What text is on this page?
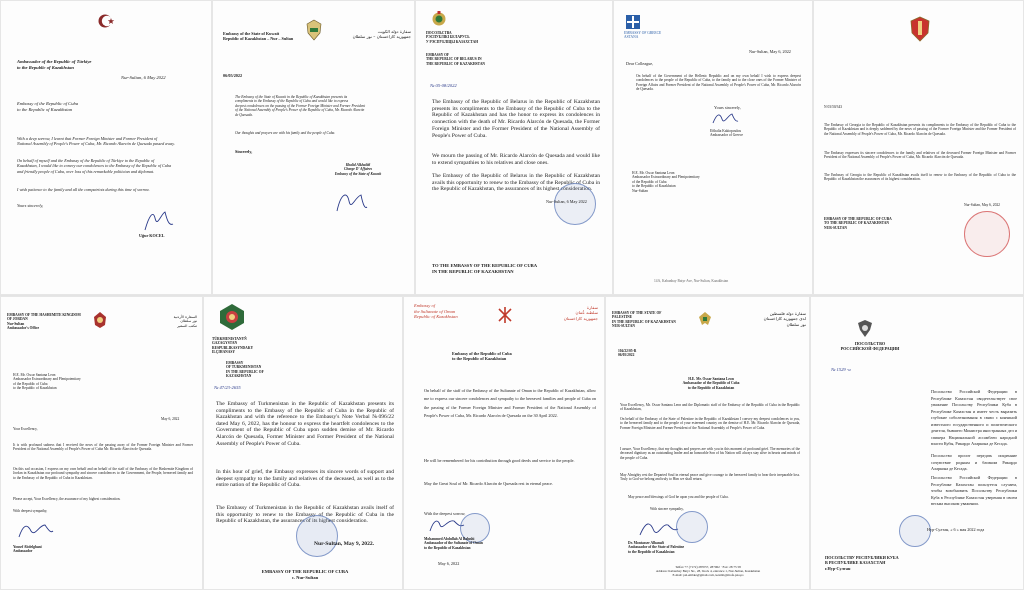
Ambassador of the Republic of Türkiye
to the Republic of Kazakhstan
Nur-Sultan, 6 May 2022
Embassy of the Republic of Cuba
to the Republic of Kazakhstan
With a deep sorrow, I learnt that Former Foreign Minister and Former President of
National Assembly of People's Power of Cuba, Mr. Ricardo Alarcón de Quesada passed away.
On behalf of myself and the Embassy of the Republic of Türkiye to the Republic of
Kazakhstan, I would like to convey our condolences to the Embassy of the Republic of Cuba
and friendly people of Cuba, over loss of this remarkable politician and diplomat.
I wish patience to the family and all the compatriots during this time of sorrow.
Yours sincerely,
Uğur KOCEL
Embassy of the State of Kuwait
Republic of Kazakhstan – Nur – Sultan
سفارة دولة الكويت
جمهورية كازاخستان – نور سلطان
06/05/2022
The Embassy of the State of Kuwait in the Republic of Kazakhstan presents its
compliments to the Embassy of the Republic of Cuba and would like to express
deepest condolences on the passing of the Former Foreign Minister and Former President
of the National Assembly of People's Power of the Republic of Cuba, Mr. Ricardo Alarcón
de Quesada.
Our thoughts and prayers are with his family and the people of Cuba.
Sincerely,
Khalid Alkhalidi
Charge D' Affaires
Embassy of the State of Kuwait
ПОСОЛЬСТВА
РЭСПУБЛІКІ БЕЛАРУСЬ
У РЭСПУБЛІЦЫ КАЗАХСТАН
EMBASSY OF
THE REPUBLIC OF BELARUS IN
THE REPUBLIC OF KAZAKHSTAN
№ 05-08/2022
The Embassy of the Republic of Belarus in the Republic of Kazakhstan presents its compliments to the Embassy of the Republic of Cuba to the Republic of Kazakhstan and has the honor to express its condolences in connection with the death of Mr. Ricardo Alarcón de Quesada, the Former Foreign Minister and the Former President of the National Assembly of People's Power of Cuba.
We mourn the passing of Mr. Ricardo Alarcón de Quesada and would like to extend sympathies to his relatives and close ones.
The Embassy of the Republic of Belarus in the Republic of Kazakhstan avails this opportunity to renew to the Embassy of the Republic of Cuba in the Republic of Kazakhstan, the assurances of its highest consideration.
Nur-Sultan, 6 May 2022
TO THE EMBASSY OF THE REPUBLIC OF CUBA
IN THE REPUBLIC OF KAZAKHSTAN
EMBASSY OF GREECE
ASTANA
Nur-Sultan, May 6, 2022
Dear Colleague,
On behalf of the Government of the Hellenic Republic and on my own behalf I wish to express deepest condolences to the people of the Republic of Cuba, to the family and to the close ones of the Former Minister of Foreign Affairs and Former President of the National Assembly of People's Power of Cuba, Mr. Ricardo Alarcón de Quesada.
Yours sincerely,
Efthalia Kakiopoulou
Ambassador of Greece
H.E. Mr. Oscar Santana Leon
Ambassador Extraordinary and Plenipotentiary
of the Republic of Cuba
to the Republic of Kazakhstan
Nur-Sultan
14A, Kabanbay Batyr Ave, Nur-Sultan, Kazakhstan
N 03/50/343
The Embassy of Georgia to the Republic of Kazakhstan presents its compliments to the Embassy of the Republic of Cuba to the Republic of Kazakhstan and is deeply saddened by the news of passing of the Former Foreign Minister and the Former President of the National Assembly of People's Power of Cuba, Mr. Ricardo Alarcón de Quesada.
The Embassy expresses its sincere condolences to the family and relatives of the deceased Former Foreign Minister and Former President of the National Assembly of People's Power of Cuba, Mr. Ricardo Alarcón de Quesada.
The Embassy of Georgia to the Republic of Kazakhstan avails itself to renew to the Embassy of the Republic of Cuba to the Republic of Kazakhstan the assurances of its highest consideration.
Nur-Sultan, May 6, 2022
EMBASSY OF THE REPUBLIC OF CUBA
TO THE REPUBLIC OF KAZAKHSTAN
NUR-SULTAN
EMBASSY OF THE HASHEMITE KINGDOM
OF JORDAN
Nur-Sultan
Ambassador's Office
السفارة الأردنية
نور سلطان
مكتب السفير
H.E. Mr. Oscar Santana Leon
Ambassador Extraordinary and Plenipotentiary
of the Republic of Cuba
to the Republic of Kazakhstan
May 6, 2022
Your Excellency,
It is with profound sadness that I received the news of the passing away of the Former Foreign Minister and Former President of the National Assembly of People's Power of Cuba Mr. Ricardo Alarcón de Quesada.
On this sad occasion, I express on my own behalf and on behalf of the staff of the Embassy of the Hashemite Kingdom of Jordan in Kazakhstan our profound sympathy and sincere condolences to the Government, the People, bereaved family and to the Embassy of the Republic of Cuba in Kazakhstan.
Please accept, Your Excellency, the assurance of my highest consideration.
With deepest sympathy,
Yousef Abdelghani
Ambassador
TÜRKMENISTANYŇ
GAZAGYSTAN
RESPUBLIKASYNDAKY
ILÇIHANASY
EMBASSY
OF TURKMENISTAN
IN THE REPUBLIC OF
KAZAKHSTAN
№ 47/23-2655
The Embassy of Turkmenistan in the Republic of Kazakhstan presents its compliments to the Embassy of the Republic of Cuba in the Republic of Kazakhstan and with the reference to the Embassy's Note Verbal №096/22 dated May 6, 2022, has the honour to express the heartfelt condolences to the Government of the Republic of Cuba upon sudden demise of Mr. Ricardo Alarcón de Quesada, Former Minister and Former President of the National Assembly of People's Power of Cuba.
In this hour of grief, the Embassy expresses its sincere words of support and deepest sympathy to the family and relatives of the deceased, as well as to the entire nation of the Republic of Cuba.
The Embassy of Turkmenistan in the Republic of Kazakhstan avails itself of this opportunity to renew to the Embassy of the Republic of Cuba in the Republic of Kazakhstan, the assurances of its highest consideration.
Nur-Sultan, May 9, 2022.
EMBASSY OF THE REPUBLIC OF CUBA
c. Nur-Sultan
Embassy of
the Sultanate of Oman
Republic of Kazakhstan
سفارة
سلطنة عُمان
جمهورية كازاخستان
Embassy of the Republic of Cuba
to the Republic of Kazakhstan
On behalf of the staff of the Embassy of the Sultanate of Oman to the Republic of Kazakhstan, allow me to express our sincere condolences and sympathy to the bereaved families and people of Cuba on the passing of the Former Foreign Minister and Former President of the National Assembly of People's Power of Cuba, Mr. Ricardo Alarcón de Quesada on the 30 April 2022.
He will be remembered for his contribution through good deeds and service to the people.
May the Great Soul of Mr. Ricardo Alarcón de Quesada rest in eternal peace.
With the deepest sorrow,
Mohammed Abdullah Al Balushi
Ambassador of the Sultanate of Oman
to the Republic of Kazakhstan
May 6, 2022
EMBASSY OF THE STATE OF
PALESTINE
IN THE REPUBLIC OF KAZAKHSTAN
NUR-SULTAN
سفارة دولة فلسطين
لدى جمهورية كازاخستان
نور سلطان
104/22/05-R
06/05/2022
H.E. Mr. Oscar Santana Leon
Ambassador of the Republic of Cuba
to the Republic of Kazakhstan
Your Excellency, Mr. Oscar Santana Leon and the Diplomatic staff of the Embassy of the Republic of Cuba in the Republic of Kazakhstan,
On behalf of the Embassy of the State of Palestine in the Republic of Kazakhstan I convey my deepest condolences to you, to the bereaved family and to the people of your esteemed country on the demise of H.E. Mr. Ricardo Alarcón de Quesada, Former Foreign Minister and Former President of the National Assembly of People's Power of Cuba.
I assure, Your Excellency, that my thoughts and prayers are with you in this moment of profound grief. The memories of the deceased dignitary as an outstanding leader and an honorable Son of his Nation will always stay alive in hearts and minds of the people of Cuba.
May Almighty rest the Departed Soul in eternal peace and give courage to the bereaved family to bear their irreparable loss. Truly to God we belong and truly to Him we shall return.
May peace and blessings of God be upon you and the people of Cuba.
With sincere sympathy,
Dr. Montasser Alhanafi
Ambassador of the State of Palestine
to the Republic of Kazakhstan
Telfax +7 (7172) 287057, 287062 · Fax: 28 75 58
Address: Kabanbay Batyr Str., 28, block 4, entrance 1, Nur-Sultan, Kazakhstan
E-mail: pal.embkz@gmail.com, kzamb@mofa.pna.ps
ПОСОЛЬСТВО
РОССИЙСКОЙ ФЕДЕРАЦИИ
№ 1529 -н
Посольство Российской Федерации в Республике Казахстан свидетельствует свое уважение Посольству Республики Куба в Республике Казахстан и имеет честь выразить глубокие соболезнования в связи с кончиной известного государственного и политического деятеля, бывшего Министра иностранных дел и спикера Национальной ассамблеи народной власти Кубы, Рикардо Аларкона де Кесада.
Посольство просит передать искренние сочувствие родным и близким Рикардо Аларкона де Кесада.
Посольство Российской Федерации в Республике Казахстан пользуется случаем, чтобы возобновить Посольству Республики Куба в Республике Казахстан уверения в своем весьма высоком уважении.
Нур-Султан, « 6 » мая 2022 года
ПОСОЛЬСТВУ РЕСПУБЛИКИ КУБА
В РЕСПУБЛИКЕ КАЗАХСТАН
г.Нур-Султан
